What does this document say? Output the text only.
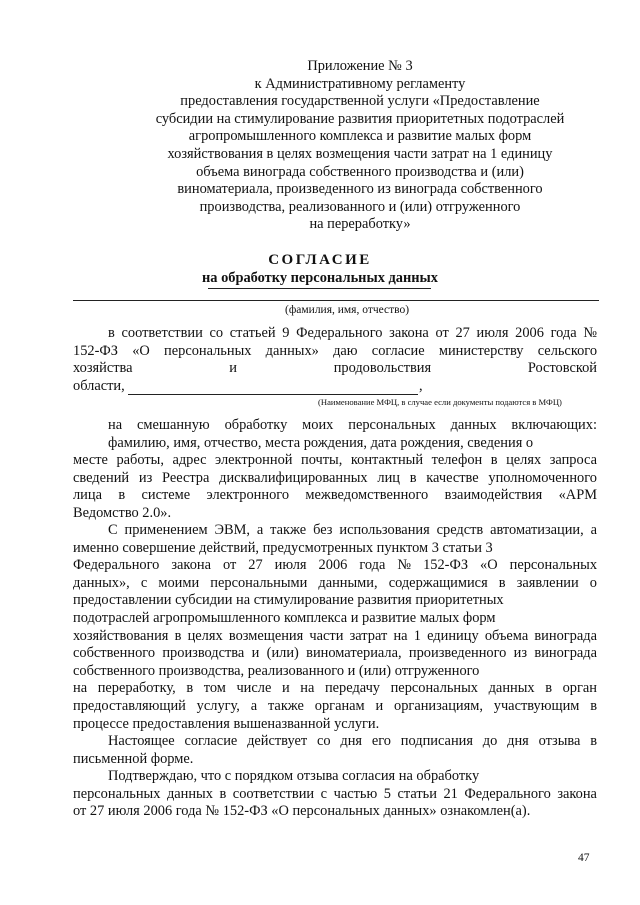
Приложение № 3
к Административному регламенту
предоставления государственной услуги «Предоставление
субсидии на стимулирование развития приоритетных подотраслей
агропромышленного комплекса и развитие малых форм
хозяйствования в целях возмещения части затрат на 1 единицу
объема винограда собственного производства и (или)
виноматериала, произведенного из винограда собственного
производства, реализованного и (или) отгруженного
на переработку»
СОГЛАСИЕ
на обработку персональных данных
(фамилия, имя, отчество)
в соответствии со статьей 9 Федерального закона от 27 июля 2006 года №
152-ФЗ «О персональных данных» даю согласие министерству сельского
хозяйства	и	продовольствия	Ростовской
области,	,
(Наименование МФЦ, в случае если документы подаются в МФЦ)
на смешанную обработку моих персональных данных включающих:
фамилию, имя, отчество, места рождения, дата рождения, сведения о
месте работы, адрес электронной почты, контактный телефон в целях запроса
сведений из Реестра дисквалифицированных лиц в качестве уполномоченного
лица в системе электронного межведомственного взаимодействия «АРМ
Ведомство 2.0».
С применением ЭВМ, а также без использования средств автоматизации, а
именно совершение действий, предусмотренных пунктом 3 статьи 3
Федерального закона от 27 июля 2006 года № 152-ФЗ «О персональных
данных», с моими персональными данными, содержащимися в заявлении о
предоставлении субсидии на стимулирование развития приоритетных
подотраслей агропромышленного комплекса и развитие малых форм
хозяйствования в целях возмещения части затрат на 1 единицу объема винограда
собственного производства и (или) виноматериала, произведенного из винограда
собственного производства, реализованного и (или) отгруженного
на переработку, в том числе и на передачу персональных данных в орган
предоставляющий услугу, а также органам и организациям, участвующим в
процессе предоставления вышеназванной услуги.
Настоящее согласие действует со дня его подписания до дня отзыва в
письменной форме.
Подтверждаю, что с порядком отзыва согласия на обработку
персональных данных в соответствии с частью 5 статьи 21 Федерального закона
от 27 июля 2006 года № 152-ФЗ «О персональных данных» ознакомлен(а).
47
